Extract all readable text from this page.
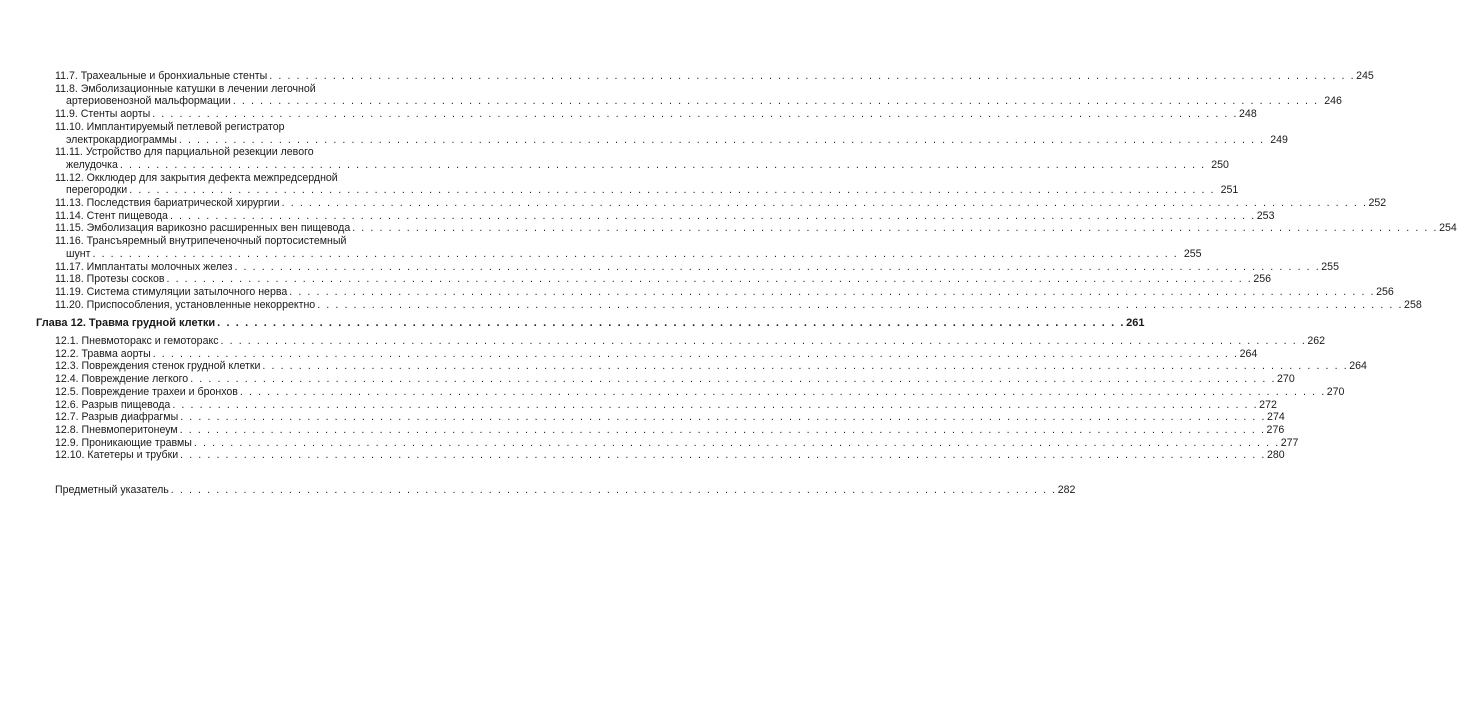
11.7.
Трахеальные и бронхиальные стенты . . . . . . . . . . . . . . . . . . . . . . . . . . . . . . . . . . . . . . . . . . . . . . . . . . . . . . . . . . . . . . . . . . . . . . . . . . . . . . . . . . . . . . . . . . . . . . . . . . . . . . . . . . . . . . . . . . . . . . . . 245
11.8.
Эмболизационные катушки в лечении легочной
артериовенозной мальформации . . . . . . . . . . . . . . . . . . . . . . . . . . . . . . . . . . . . . . . . . . . . . . . . . . . . . . . . . . . . . . . . . . . . . . . . . . . . . . . . . . . . . . . . . . . . . . . . . . . . . . . . . . . . . . . . . . . . . . . . 246
11.9.
Стенты аорты . . . . . . . . . . . . . . . . . . . . . . . . . . . . . . . . . . . . . . . . . . . . . . . . . . . . . . . . . . . . . . . . . . . . . . . . . . . . . . . . . . . . . . . . . . . . . . . . . . . . . . . . . . . . . . . . . . . . . . . . 248
11.10.
Имплантируемый петлевой регистратор
электрокардиограммы . . . . . . . . . . . . . . . . . . . . . . . . . . . . . . . . . . . . . . . . . . . . . . . . . . . . . . . . . . . . . . . . . . . . . . . . . . . . . . . . . . . . . . . . . . . . . . . . . . . . . . . . . . . . . . . . . . . . . . . . 249
11.11.
Устройство для парциальной резекции левого
желудочка . . . . . . . . . . . . . . . . . . . . . . . . . . . . . . . . . . . . . . . . . . . . . . . . . . . . . . . . . . . . . . . . . . . . . . . . . . . . . . . . . . . . . . . . . . . . . . . . . . . . . . . . . . . . . . . . . . . . . . . . 250
11.12.
Окклюдер для закрытия дефекта межпредсердной
перегородки . . . . . . . . . . . . . . . . . . . . . . . . . . . . . . . . . . . . . . . . . . . . . . . . . . . . . . . . . . . . . . . . . . . . . . . . . . . . . . . . . . . . . . . . . . . . . . . . . . . . . . . . . . . . . . . . . . . . . . . . 251
11.13.
Последствия бариатрической хирургии . . . . . . . . . . . . . . . . . . . . . . . . . . . . . . . . . . . . . . . . . . . . . . . . . . . . . . . . . . . . . . . . . . . . . . . . . . . . . . . . . . . . . . . . . . . . . . . . . . . . . . . . . . . . . . . . . . . . . . . . 252
11.14.
Стент пищевода . . . . . . . . . . . . . . . . . . . . . . . . . . . . . . . . . . . . . . . . . . . . . . . . . . . . . . . . . . . . . . . . . . . . . . . . . . . . . . . . . . . . . . . . . . . . . . . . . . . . . . . . . . . . . . . . . . . . . . . . 253
11.15.
Эмболизация варикозно расширенных вен пищевода . . . . . . . . . . . . . . . . . . . . . . . . . . . . . . . . . . . . . . . . . . . . . . . . . . . . . . . . . . . . . . . . . . . . . . . . . . . . . . . . . . . . . . . . . . . . . . . . . . . . . . . . . . . . . . . . . . . . . . . . 254
11.16.
Трансъяремный внутрипеченочный портосистемный
шунт . . . . . . . . . . . . . . . . . . . . . . . . . . . . . . . . . . . . . . . . . . . . . . . . . . . . . . . . . . . . . . . . . . . . . . . . . . . . . . . . . . . . . . . . . . . . . . . . . . . . . . . . . . . . . . . . . . . . . . . . 255
11.17.
Имплантаты молочных желез . . . . . . . . . . . . . . . . . . . . . . . . . . . . . . . . . . . . . . . . . . . . . . . . . . . . . . . . . . . . . . . . . . . . . . . . . . . . . . . . . . . . . . . . . . . . . . . . . . . . . . . . . . . . . . . . . . . . . . . . 255
11.18.
Протезы сосков . . . . . . . . . . . . . . . . . . . . . . . . . . . . . . . . . . . . . . . . . . . . . . . . . . . . . . . . . . . . . . . . . . . . . . . . . . . . . . . . . . . . . . . . . . . . . . . . . . . . . . . . . . . . . . . . . . . . . . . . 256
11.19.
Система стимуляции затылочного нерва . . . . . . . . . . . . . . . . . . . . . . . . . . . . . . . . . . . . . . . . . . . . . . . . . . . . . . . . . . . . . . . . . . . . . . . . . . . . . . . . . . . . . . . . . . . . . . . . . . . . . . . . . . . . . . . . . . . . . . . . 256
11.20.
Приспособления, установленные некорректно . . . . . . . . . . . . . . . . . . . . . . . . . . . . . . . . . . . . . . . . . . . . . . . . . . . . . . . . . . . . . . . . . . . . . . . . . . . . . . . . . . . . . . . . . . . . . . . . . . . . . . . . . . . . . . . . . . . . . . . . 258
Глава 12. Травма грудной клетки . . . . . . . . . . . . . . . . . . . . . . . . . . . . . . . . . . . . . . . . . . . . . . . . . . . . . . . . . . . . . . . . . . . . . . . . . . . . . . . . . . . . . . . . . . . . . . . . . . 261
12.1.
Пневмоторакс и гемоторакс . . . . . . . . . . . . . . . . . . . . . . . . . . . . . . . . . . . . . . . . . . . . . . . . . . . . . . . . . . . . . . . . . . . . . . . . . . . . . . . . . . . . . . . . . . . . . . . . . . . . . . . . . . . . . . . . . . . . . . . . 262
12.2.
Травма аорты . . . . . . . . . . . . . . . . . . . . . . . . . . . . . . . . . . . . . . . . . . . . . . . . . . . . . . . . . . . . . . . . . . . . . . . . . . . . . . . . . . . . . . . . . . . . . . . . . . . . . . . . . . . . . . . . . . . . . . . . 264
12.3.
Повреждения стенок грудной клетки . . . . . . . . . . . . . . . . . . . . . . . . . . . . . . . . . . . . . . . . . . . . . . . . . . . . . . . . . . . . . . . . . . . . . . . . . . . . . . . . . . . . . . . . . . . . . . . . . . . . . . . . . . . . . . . . . . . . . . . . 264
12.4.
Повреждение легкого . . . . . . . . . . . . . . . . . . . . . . . . . . . . . . . . . . . . . . . . . . . . . . . . . . . . . . . . . . . . . . . . . . . . . . . . . . . . . . . . . . . . . . . . . . . . . . . . . . . . . . . . . . . . . . . . . . . . . . . . 270
12.5.
Повреждение трахеи и бронхов . . . . . . . . . . . . . . . . . . . . . . . . . . . . . . . . . . . . . . . . . . . . . . . . . . . . . . . . . . . . . . . . . . . . . . . . . . . . . . . . . . . . . . . . . . . . . . . . . . . . . . . . . . . . . . . . . . . . . . . . 270
12.6.
Разрыв пищевода . . . . . . . . . . . . . . . . . . . . . . . . . . . . . . . . . . . . . . . . . . . . . . . . . . . . . . . . . . . . . . . . . . . . . . . . . . . . . . . . . . . . . . . . . . . . . . . . . . . . . . . . . . . . . . . . . . . . . . . . 272
12.7.
Разрыв диафрагмы . . . . . . . . . . . . . . . . . . . . . . . . . . . . . . . . . . . . . . . . . . . . . . . . . . . . . . . . . . . . . . . . . . . . . . . . . . . . . . . . . . . . . . . . . . . . . . . . . . . . . . . . . . . . . . . . . . . . . . . . 274
12.8.
Пневмоперитонеум . . . . . . . . . . . . . . . . . . . . . . . . . . . . . . . . . . . . . . . . . . . . . . . . . . . . . . . . . . . . . . . . . . . . . . . . . . . . . . . . . . . . . . . . . . . . . . . . . . . . . . . . . . . . . . . . . . . . . . . . 276
12.9.
Проникающие травмы . . . . . . . . . . . . . . . . . . . . . . . . . . . . . . . . . . . . . . . . . . . . . . . . . . . . . . . . . . . . . . . . . . . . . . . . . . . . . . . . . . . . . . . . . . . . . . . . . . . . . . . . . . . . . . . . . . . . . . . . 277
12.10.
Катетеры и трубки . . . . . . . . . . . . . . . . . . . . . . . . . . . . . . . . . . . . . . . . . . . . . . . . . . . . . . . . . . . . . . . . . . . . . . . . . . . . . . . . . . . . . . . . . . . . . . . . . . . . . . . . . . . . . . . . . . . . . . . . 280
Предметный указатель . . . . . . . . . . . . . . . . . . . . . . . . . . . . . . . . . . . . . . . . . . . . . . . . . . . . . . . . . . . . . . . . . . . . . . . . . . . . . . . . . . . . . . . . . . . . . . . . . . 282
